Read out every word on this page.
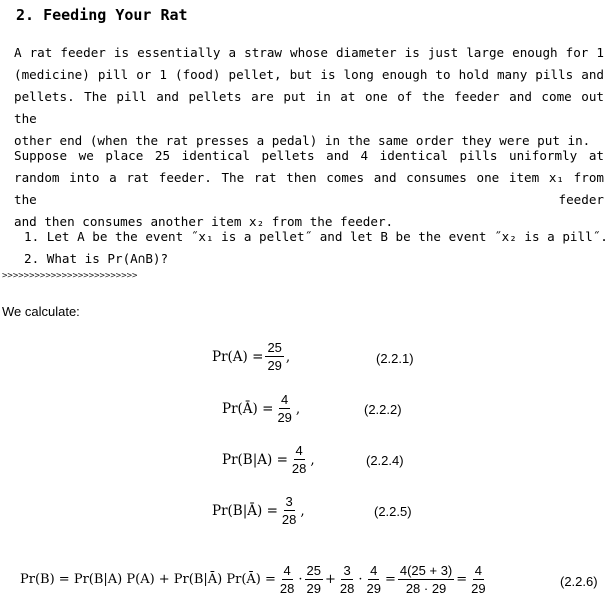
2. Feeding Your Rat
A rat feeder is essentially a straw whose diameter is just large enough for 1 (medicine) pill or 1 (food) pellet, but is long enough to hold many pills and pellets. The pill and pellets are put in at one of the feeder and come out the
other end (when the rat presses a pedal) in the same order they were put in.
Suppose we place 25 identical pellets and 4 identical pills uniformly at random into a rat feeder. The rat then comes and consumes one item x₁ from the feeder
and then consumes another item x₂ from the feeder.
1. Let A be the event ˝x₁ is a pellet˝ and let B be the event ˝x₂ is a pill˝.
2. What is Pr(A∩B)?
>>>>>>>>>>>>>>>>>>>>>>>>>
We calculate:
$Pr(A) = \frac{25}{29}$ ,	(2.2.1)
Pr(Ā) = $\frac{4}{29}$ ,	(2.2.2)
$Pr(B|A) = \frac{4}{28}$ ,	(2.2.4)
Pr(B|Ā) = $\frac{3}{28}$ ,	(2.2.5)
Pr(B) = Pr(B|A) P(A) + Pr(B|Ā) Pr(Ā) = $\frac{4}{28} \cdot \frac{25}{29} + \frac{3}{28} \cdot \frac{4}{29} = \frac{4(25 + 3)}{28 \cdot 29} = \frac{4}{29}$	(2.2.6)
